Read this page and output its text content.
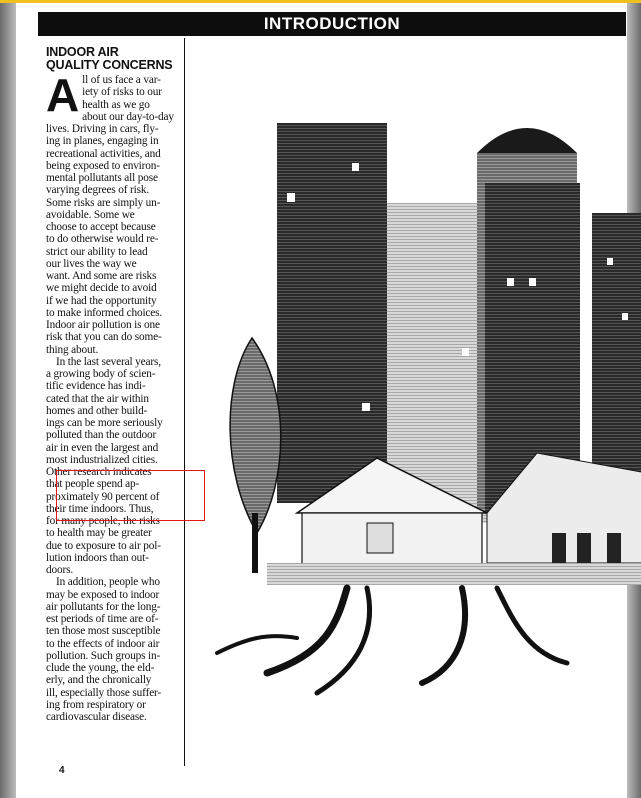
INTRODUCTION
INDOOR AIR
QUALITY CONCERNS

A ll of us face a var-
iety of risks to our
health as we go
about our day-to-day
lives. Driving in cars, fly-
ing in planes, engaging in
recreational activities, and
being exposed to environ-
mental pollutants all pose
varying degrees of risk.
Some risks are simply un-
avoidable. Some we
choose to accept because
to do otherwise would re-
strict our ability to lead
our lives the way we
want. And some are risks
we might decide to avoid
if we had the opportunity
to make informed choices.
Indoor air pollution is one
risk that you can do some-
thing about.

In the last several years,
a growing body of scien-
tific evidence has indi-
cated that the air within
homes and other build-
ings can be more seriously
polluted than the outdoor
air in even the largest and
most industrialized cities.
Other research indicates
that people spend ap-
proximately 90 percent of
their time indoors. Thus,
for many people, the risks
to health may be greater
due to exposure to air pol-
lution indoors than out-
doors.

In addition, people who
may be exposed to indoor
air pollutants for the long-
est periods of time are of-
ten those most susceptible
to the effects of indoor air
pollution. Such groups in-
clude the young, the eld-
erly, and the chronically
ill, especially those suffer-
ing from respiratory or
cardiovascular disease.

4
